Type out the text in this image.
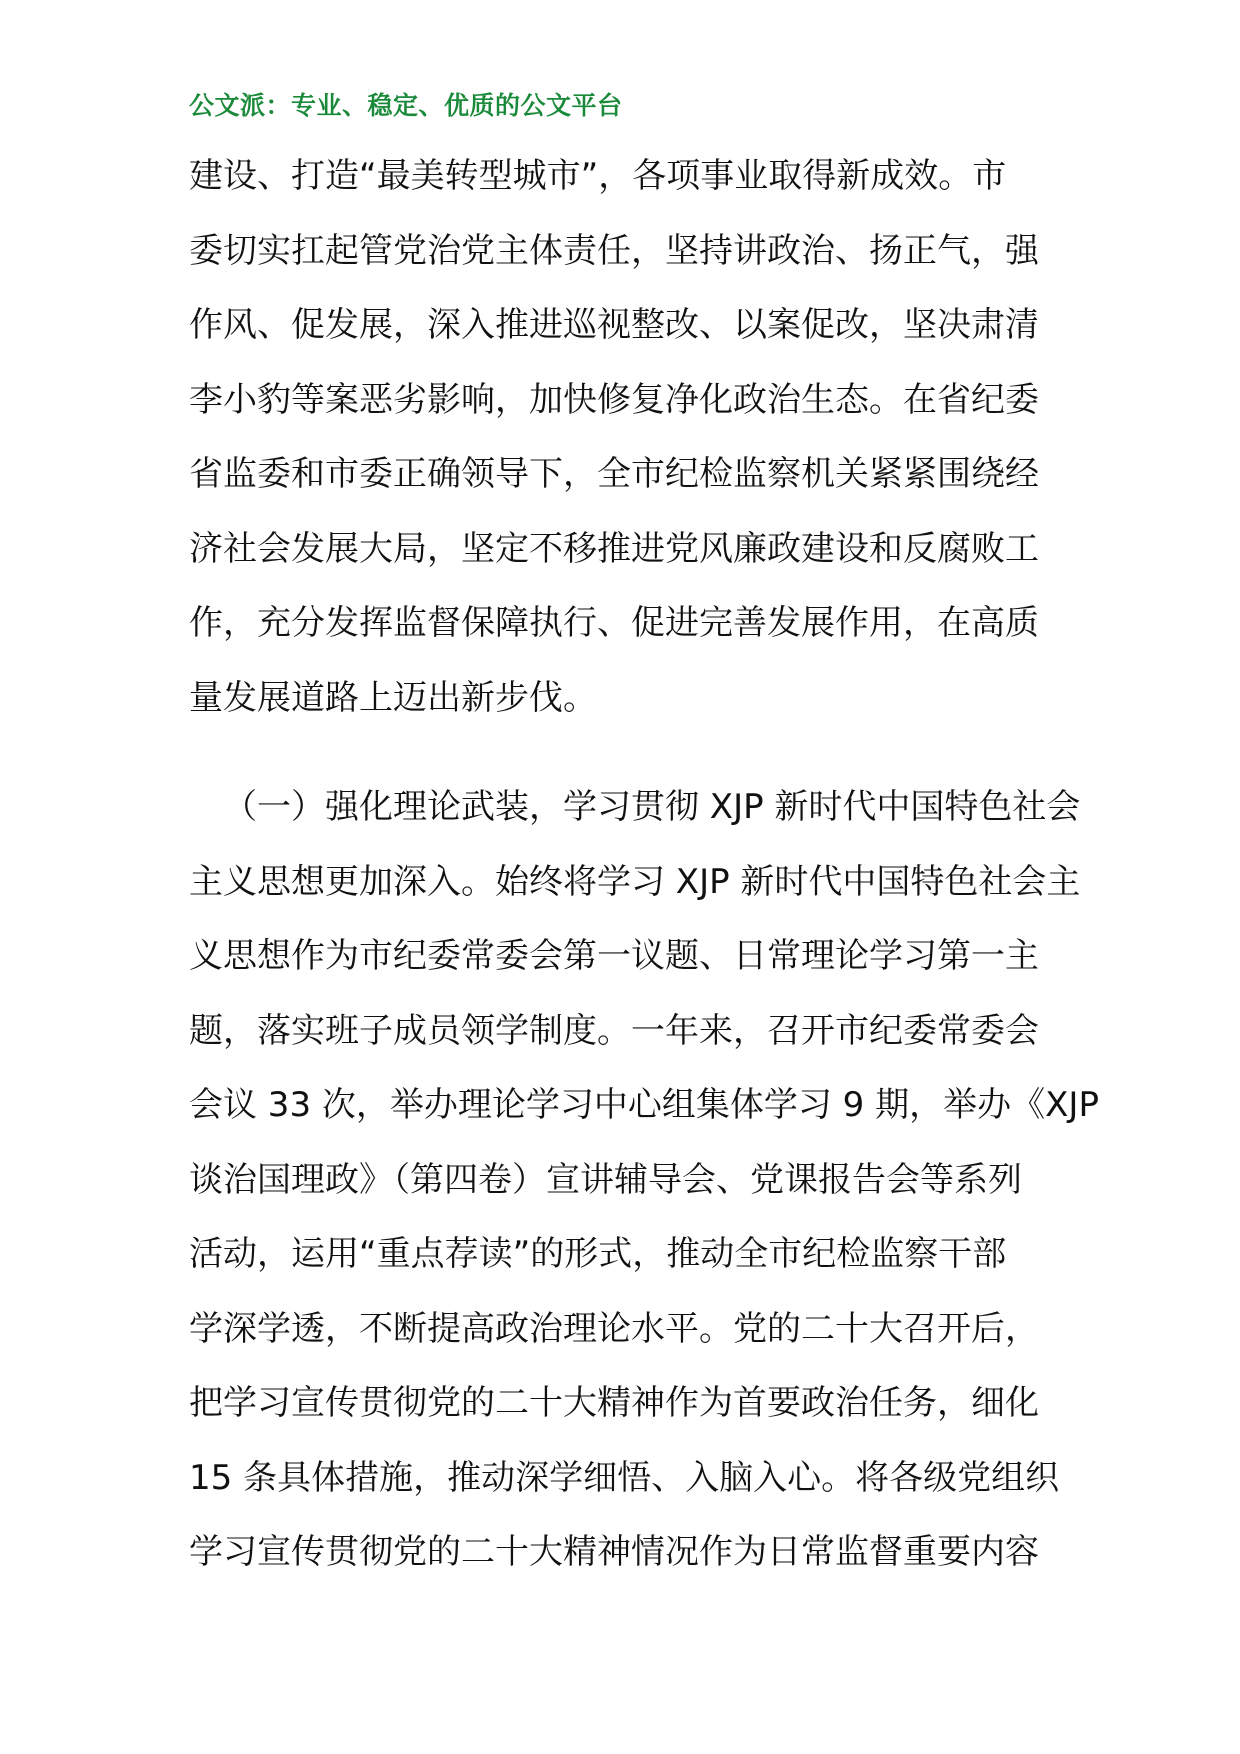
公文派：专业、稳定、优质的公文平台
建设、打造“最美转型城市”，各项事业取得新成效。市
委切实扛起管党治党主体责任，坚持讲政治、扬正气，强
作风、促发展，深入推进巡视整改、以案促改，坚决肃清
李小豹等案恶劣影响，加快修复净化政治生态。在省纪委
省监委和市委正确领导下，全市纪检监察机关紧紧围绕经
济社会发展大局，坚定不移推进党风廉政建设和反腐败工
作，充分发挥监督保障执行、促进完善发展作用，在高质
量发展道路上迈出新步伐。
（一）强化理论武装，学习贯彻 XJP 新时代中国特色社会
主义思想更加深入。始终将学习 XJP 新时代中国特色社会主
义思想作为市纪委常委会第一议题、日常理论学习第一主
题，落实班子成员领学制度。一年来，召开市纪委常委会
会议 33 次，举办理论学习中心组集体学习 9 期，举办《XJP
谈治国理政》（第四卷）宣讲辅导会、党课报告会等系列
活动，运用“重点荐读”的形式，推动全市纪检监察干部
学深学透，不断提高政治理论水平。党的二十大召开后，
把学习宣传贯彻党的二十大精神作为首要政治任务，细化
15 条具体措施，推动深学细悟、入脑入心。将各级党组织
学习宣传贯彻党的二十大精神情况作为日常监督重要内容
